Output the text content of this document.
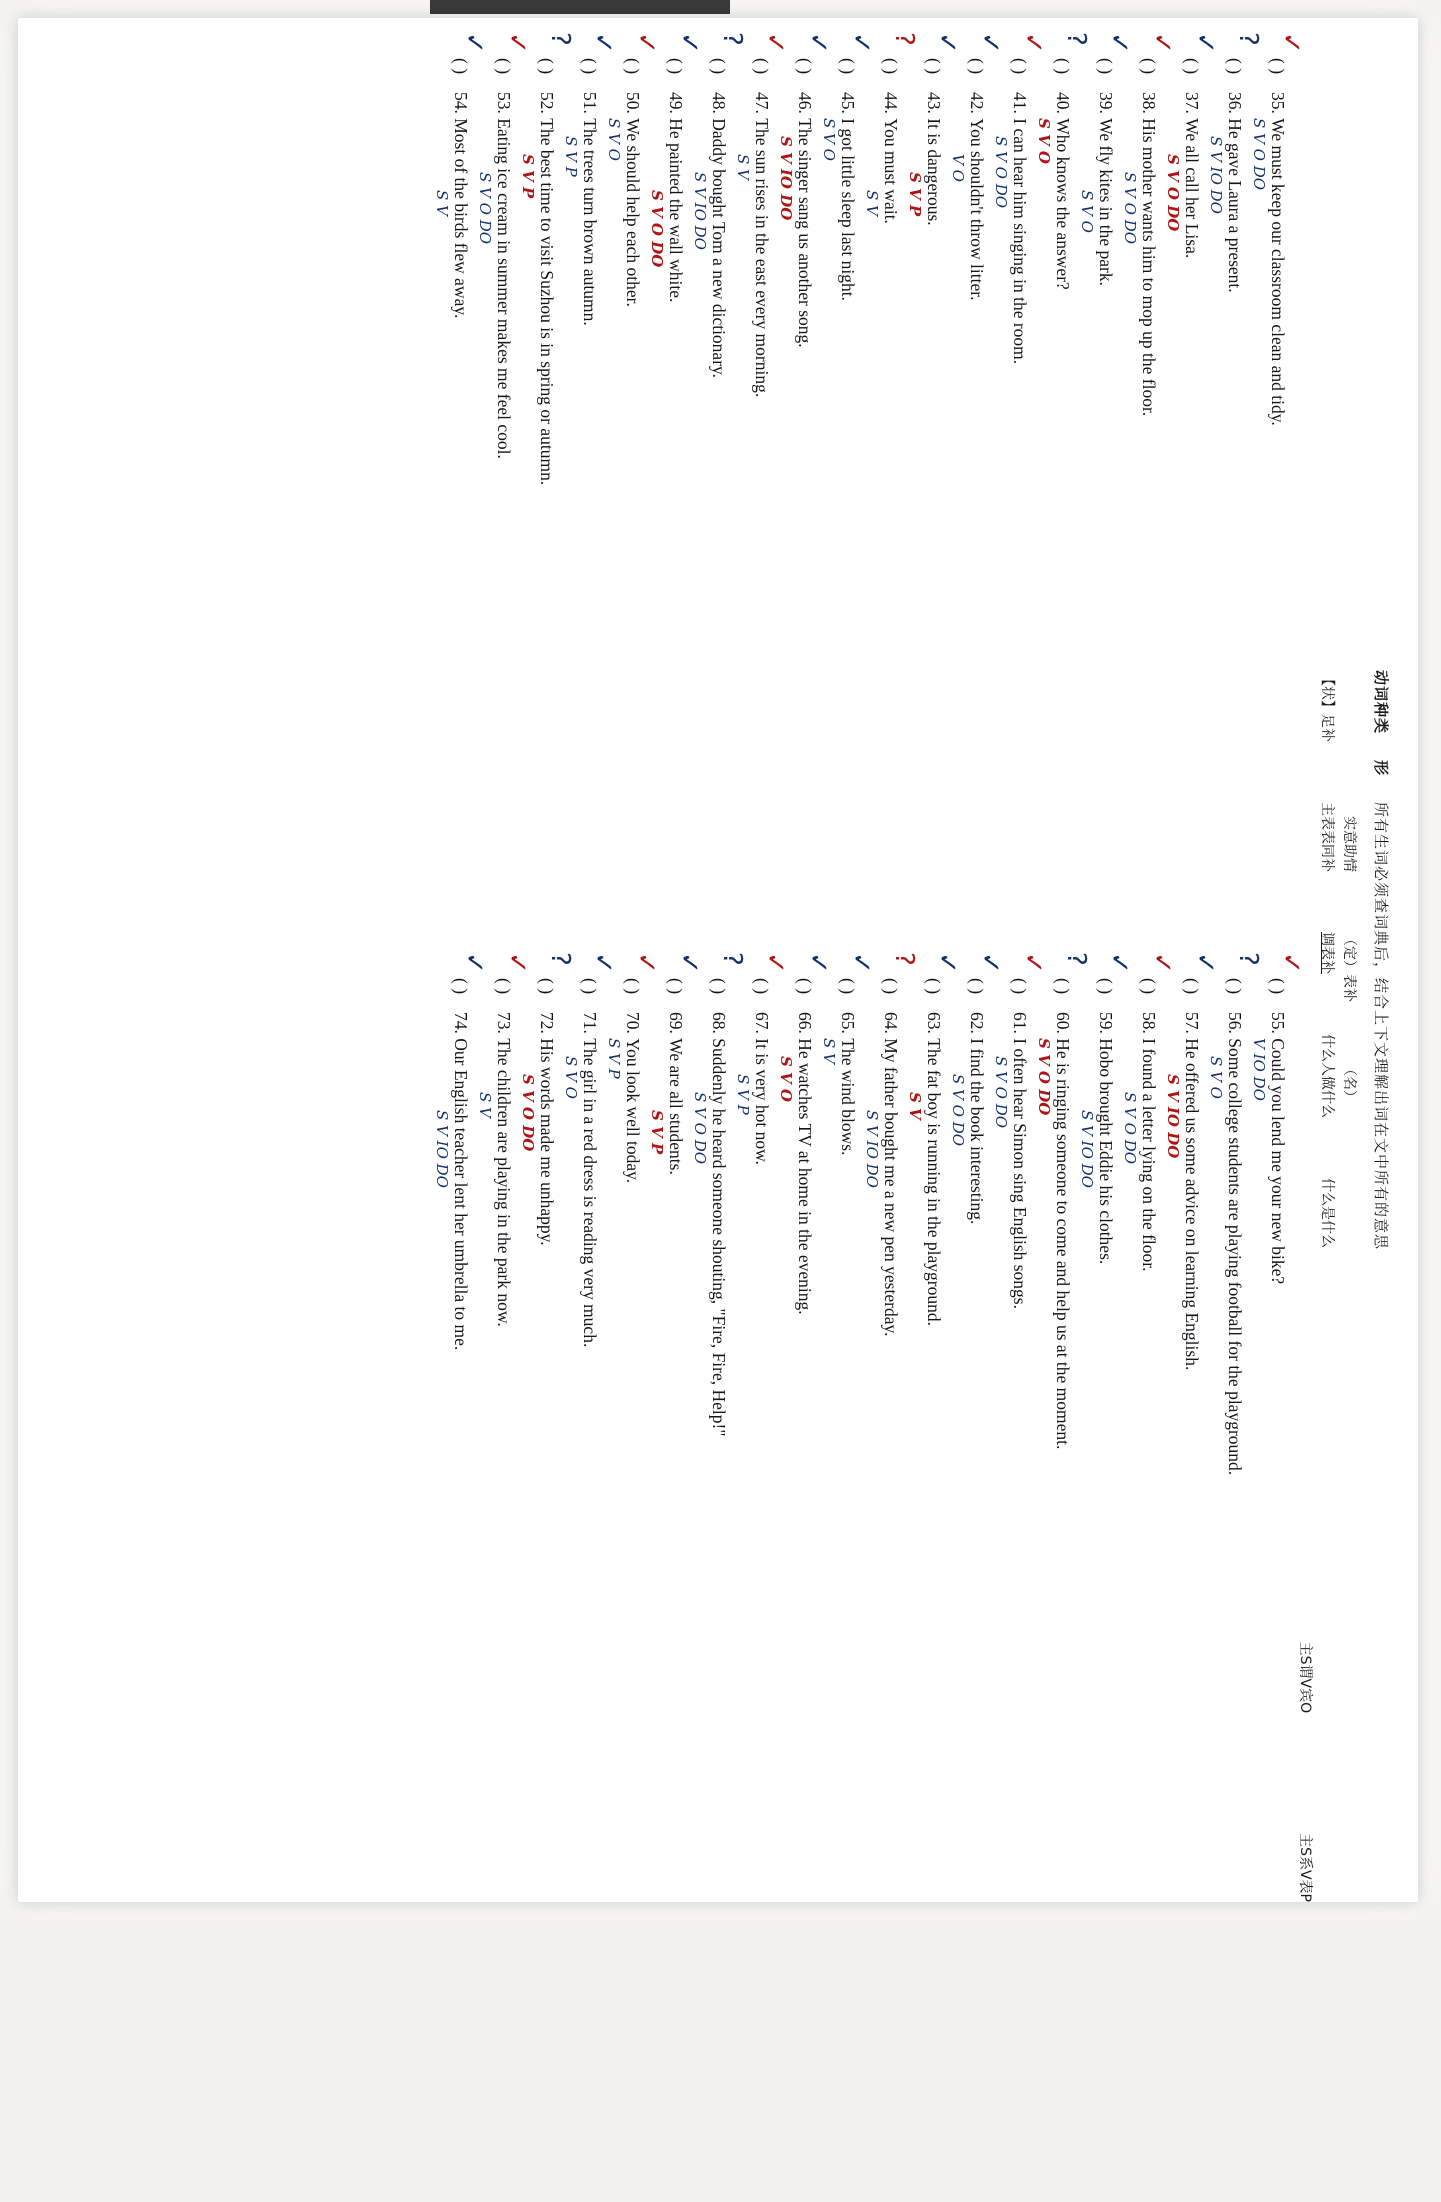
动词种类
形
所有生词必须查词典后，结合上下文理解出词在文中所有的意思
实意助情
（定）表补
（名）
【状】足补
主表表同补
调表补
什么人做什么
什么是什么
主S谓V宾O
主S系V表P
✓
( )35. We must keep our classroom clean and tidy.
S V O DO
?
( )36. He gave Laura a present.
S V IO DO
✓
( )37. We all call her Lisa.
S V O DO
✓
( )38. His mother wants him to mop up the floor.
S V O DO
✓
( )39. We fly kites in the park.
S V O
?
( )40. Who knows the answer?
S V O
✓
( )41. I can hear him singing in the room.
S V O DO
✓
( )42. You shouldn't throw litter.
V O
✓
( )43. It is dangerous.
S V P
?
( )44. You must wait.
S V
✓
( )45. I got little sleep last night.
S V O
✓
( )46. The singer sang us another song.
S V IO DO
✓
( )47. The sun rises in the east every morning.
S V
?
( )48. Daddy bought Tom a new dictionary.
S V IO DO
✓
( )49. He painted the wall white.
S V O DO
✓
( )50. We should help each other.
S V O
✓
( )51. The trees turn brown autumn.
S V P
?
( )52. The best time to visit Suzhou is in spring or autumn.
S V P
✓
( )53. Eating ice cream in summer makes me feel cool.
S V O DO
✓
( )54. Most of the birds flew away.
S V
✓
( )55. Could you lend me your new bike?
V IO DO
?
( )56. Some college students are playing football for the playground.
S V O
✓
( )57. He offered us some advice on learning English.
S V IO DO
✓
( )58. I found a letter lying on the floor.
S V O DO
✓
( )59. Hobo brought Eddie his clothes.
S V IO DO
?
( )60. He is ringing someone to come and help us at the moment.
S V O DO
✓
( )61. I often hear Simon sing English songs.
S V O DO
✓
( )62. I find the book interesting.
S V O DO
✓
( )63. The fat boy is running in the playground.
S V
?
( )64. My father bought me a new pen yesterday.
S V IO DO
✓
( )65. The wind blows.
S V
✓
( )66. He watches TV at home in the evening.
S V O
✓
( )67. It is very hot now.
S V P
?
( )68. Suddenly he heard someone shouting, "Fire, Fire, Help!"
S V O DO
✓
( )69. We are all students.
S V P
✓
( )70. You look well today.
S V P
✓
( )71. The girl in a red dress is reading very much.
S V O
?
( )72. His words made me unhappy.
S V O DO
✓
( )73. The children are playing in the park now.
S V
✓
( )74. Our English teacher lent her umbrella to me.
S V IO DO
